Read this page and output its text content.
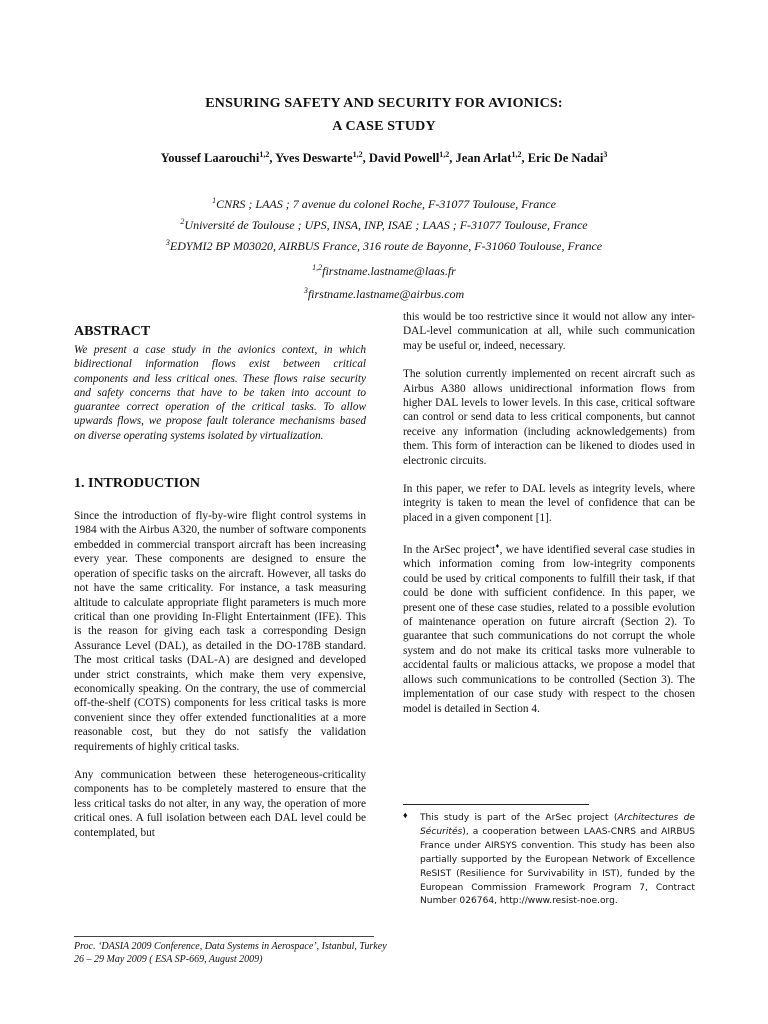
ENSURING SAFETY AND SECURITY FOR AVIONICS:
A CASE STUDY
Youssef Laarouchi$^{1,2}$, Yves Deswarte$^{1,2}$, David Powell$^{1,2}$, Jean Arlat$^{1,2}$, Eric De Nadai$^3$
$^1$CNRS ; LAAS ; 7 avenue du colonel Roche, F-31077 Toulouse, France
$^2$Université de Toulouse ; UPS, INSA, INP, ISAE ; LAAS ; F-31077 Toulouse, France
$^3$EDYMI2 BP M03020, AIRBUS France, 316 route de Bayonne, F-31060 Toulouse, France
$^{1,2}$firstname.lastname@laas.fr
$^3$firstname.lastname@airbus.com
ABSTRACT

We present a case study in the avionics context, in which bidirectional information flows exist between critical components and less critical ones. These flows raise security and safety concerns that have to be taken into account to guarantee correct operation of the critical tasks. To allow upwards flows, we propose fault tolerance mechanisms based on diverse operating systems isolated by virtualization.

1. INTRODUCTION

Since the introduction of fly-by-wire flight control systems in 1984 with the Airbus A320, the number of software components embedded in commercial transport aircraft has been increasing every year. These components are designed to ensure the operation of specific tasks on the aircraft. However, all tasks do not have the same criticality. For instance, a task measuring altitude to calculate appropriate flight parameters is much more critical than one providing In-Flight Entertainment (IFE). This is the reason for giving each task a corresponding Design Assurance Level (DAL), as detailed in the DO-178B standard. The most critical tasks (DAL-A) are designed and developed under strict constraints, which make them very expensive, economically speaking. On the contrary, the use of commercial off-the-shelf (COTS) components for less critical tasks is more convenient since they offer extended functionalities at a more reasonable cost, but they do not satisfy the validation requirements of highly critical tasks.

Any communication between these heterogeneous-criticality components has to be completely mastered to ensure that the less critical tasks do not alter, in any way, the operation of more critical ones. A full isolation between each DAL level could be contemplated, but

this would be too restrictive since it would not allow any inter-DAL-level communication at all, while such communication may be useful or, indeed, necessary.

The solution currently implemented on recent aircraft such as Airbus A380 allows unidirectional information flows from higher DAL levels to lower levels. In this case, critical software can control or send data to less critical components, but cannot receive any information (including acknowledgements) from them. This form of interaction can be likened to diodes used in electronic circuits.

In this paper, we refer to DAL levels as integrity levels, where integrity is taken to mean the level of confidence that can be placed in a given component [1].

In the ArSec project♦, we have identified several case studies in which information coming from low-integrity components could be used by critical components to fulfill their task, if that could be done with sufficient confidence. In this paper, we present one of these case studies, related to a possible evolution of maintenance operation on future aircraft (Section 2). To guarantee that such communications do not corrupt the whole system and do not make its critical tasks more vulnerable to accidental faults or malicious attacks, we propose a model that allows such communications to be controlled (Section 3). The implementation of our case study with respect to the chosen model is detailed in Section 4.

♦ This study is part of the ArSec project (Architectures de Sécurités), a cooperation between LAAS-CNRS and AIRBUS France under AIRSYS convention. This study has been also partially supported by the European Network of Excellence ReSIST (Resilience for Survivability in IST), funded by the European Commission Framework Program 7, Contract Number 026764, http://www.resist-noe.org.
Proc. ‘DASIA 2009 Conference, Data Systems in Aerospace’, Istanbul, Turkey
26 – 29 May 2009 ( ESA SP-669, August 2009)
